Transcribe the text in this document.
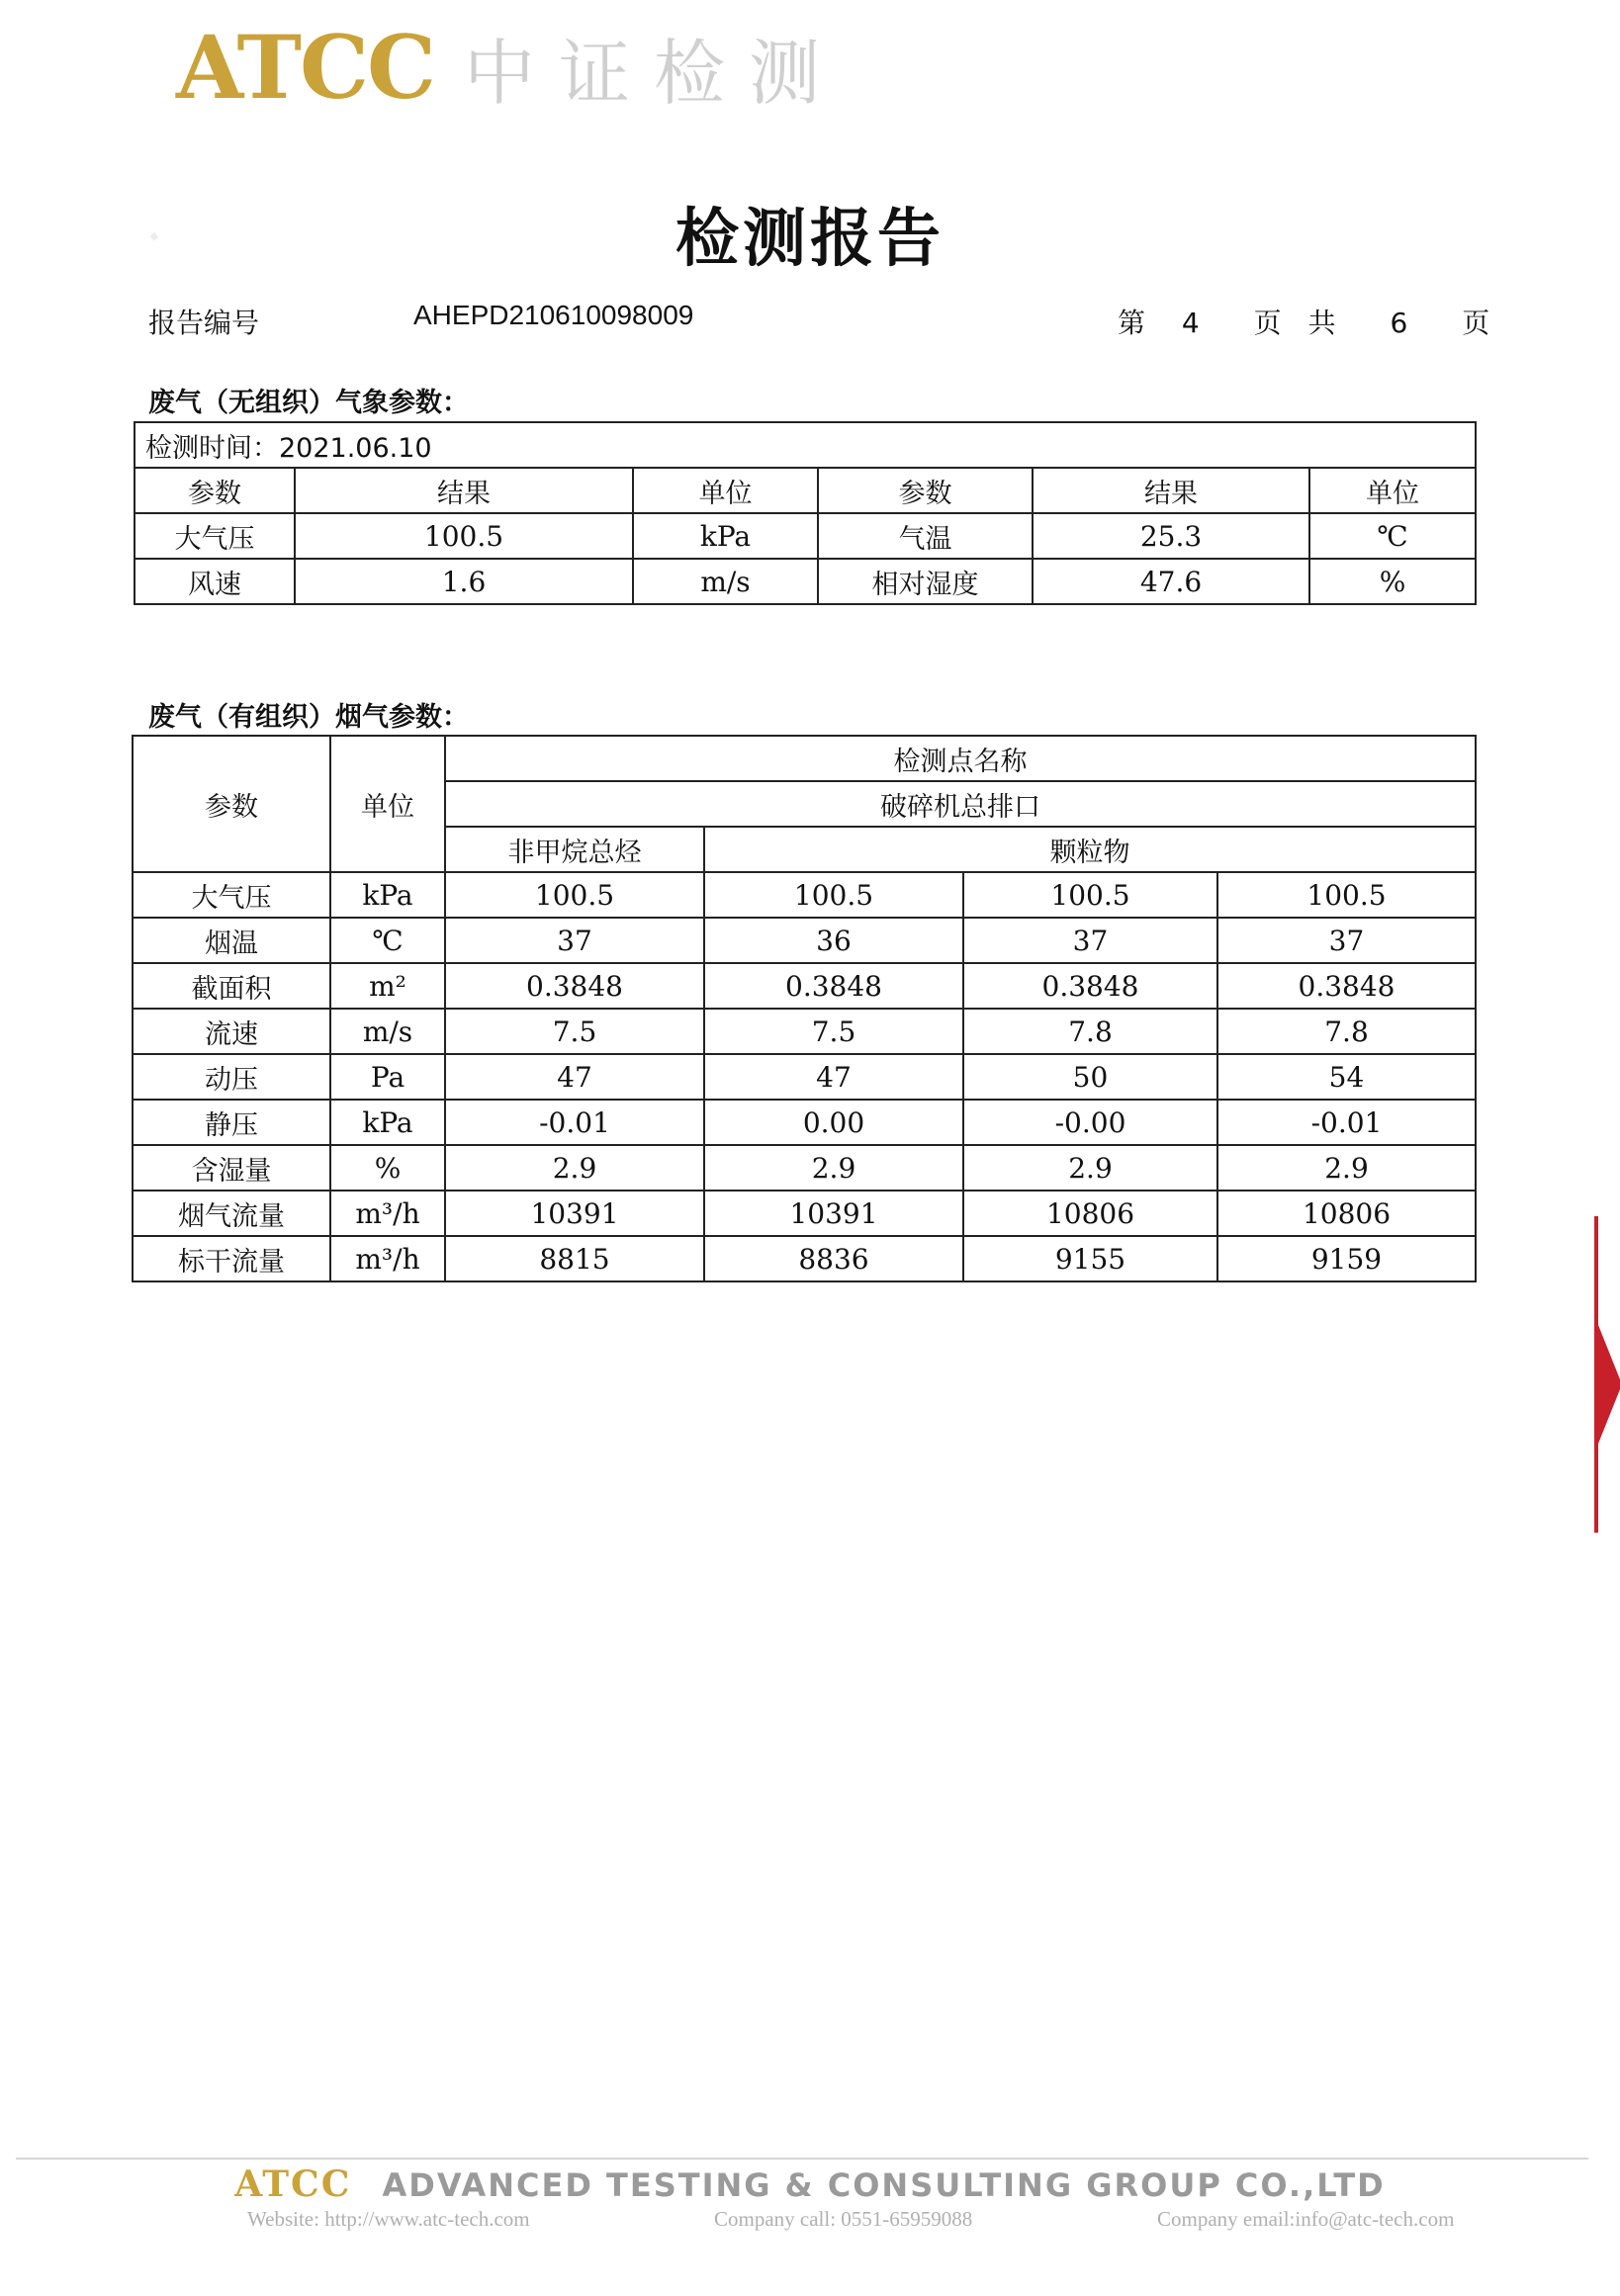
·
ATCC 中证检测
检测报告
报告编号	AHEPD210610098009	第 4 页 共 6 页
废气（无组织）气象参数：
检测时间：2021.06.10					
参数	结果	单位	参数	结果	单位
大气压	100.5	kPa	气温	25.3	℃
风速	1.6	m/s	相对湿度	47.6	%
废气（有组织）烟气参数：
参数	单位	检测点名称			
		破碎机总排口			
		非甲烷总烃	颗粒物		
大气压	kPa	100.5	100.5	100.5	100.5
烟温	℃	37	36	37	37
截面积	m²	0.3848	0.3848	0.3848	0.3848
流速	m/s	7.5	7.5	7.8	7.8
动压	Pa	47	47	50	54
静压	kPa	-0.01	0.00	-0.00	-0.01
含湿量	%	2.9	2.9	2.9	2.9
烟气流量	m³/h	10391	10391	10806	10806
标干流量	m³/h	8815	8836	9155	9159
ATCC ADVANCED TESTING & CONSULTING GROUP CO.,LTD
Website: http://www.atc-tech.com	Company call: 0551-65959088	Company email:info@atc-tech.com
